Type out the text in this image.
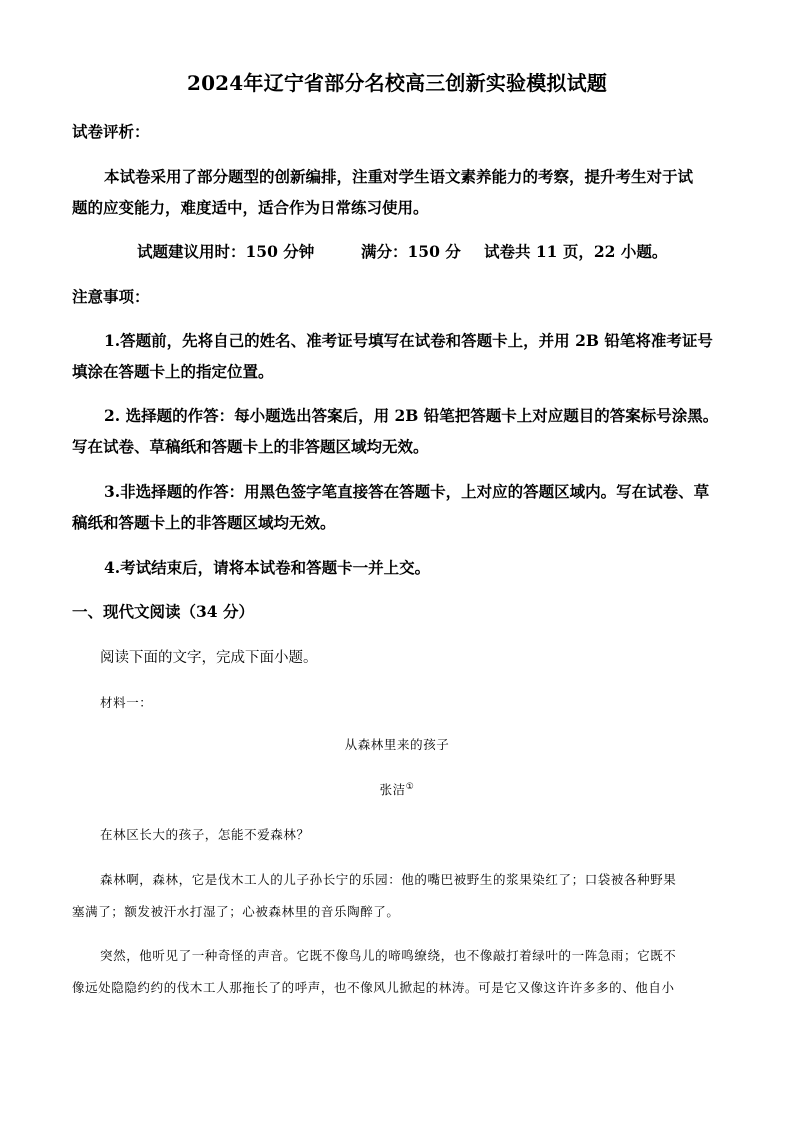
2024年辽宁省部分名校高三创新实验模拟试题
试卷评析：
本试卷采用了部分题型的创新编排，注重对学生语文素养能力的考察，提升考生对于试
题的应变能力，难度适中，适合作为日常练习使用。
试题建议用时：150 分钟	满分：150 分 试卷共 11 页，22 小题。
注意事项：
1.答题前，先将自己的姓名、准考证号填写在试卷和答题卡上，并用 2B 铅笔将准考证号
填涂在答题卡上的指定位置。
2. 选择题的作答：每小题选出答案后，用 2B 铅笔把答题卡上对应题目的答案标号涂黑。
写在试卷、草稿纸和答题卡上的非答题区域均无效。
3.非选择题的作答：用黑色签字笔直接答在答题卡，上对应的答题区域内。写在试卷、草
稿纸和答题卡上的非答题区域均无效。
4.考试结束后，请将本试卷和答题卡一并上交。
一、现代文阅读（34 分）
阅读下面的文字，完成下面小题。
材料一：
从森林里来的孩子
张洁①
在林区长大的孩子，怎能不爱森林？
森林啊，森林，它是伐木工人的儿子孙长宁的乐园：他的嘴巴被野生的浆果染红了；口袋被各种野果
塞满了；额发被汗水打湿了；心被森林里的音乐陶醉了。
突然，他听见了一种奇怪的声音。它既不像鸟儿的啼鸣缭绕，也不像敲打着绿叶的一阵急雨；它既不
像远处隐隐约约的伐木工人那拖长了的呼声，也不像风儿掀起的林涛。可是它又像这许许多多的、他自小
